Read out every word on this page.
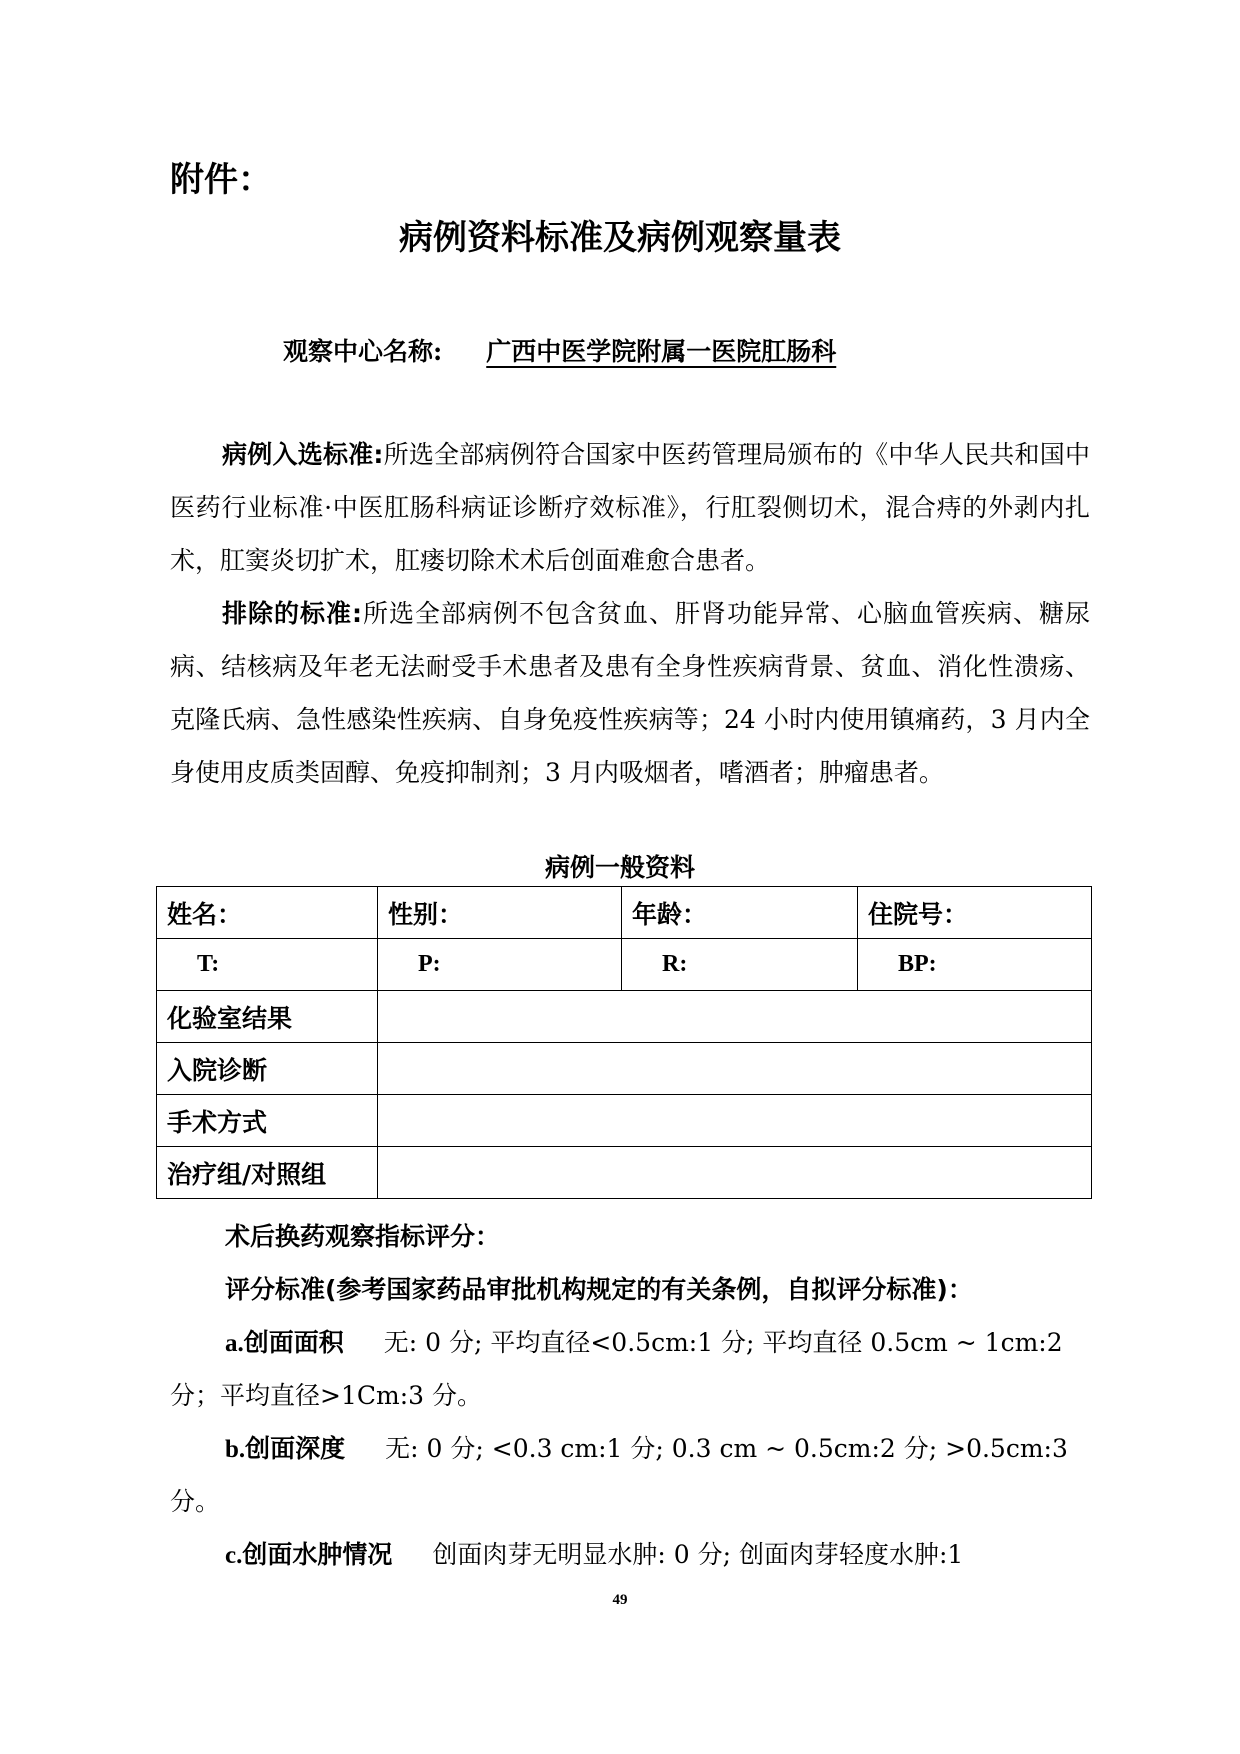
附件：
病例资料标准及病例观察量表
观察中心名称: 广西中医学院附属一医院肛肠科
病例入选标准:所选全部病例符合国家中医药管理局颁布的《中华人民共和国中医药行业标准·中医肛肠科病证诊断疗效标准》，行肛裂侧切术，混合痔的外剥内扎术，肛窦炎切扩术，肛瘘切除术术后创面难愈合患者。
排除的标准:所选全部病例不包含贫血、肝肾功能异常、心脑血管疾病、糖尿病、结核病及年老无法耐受手术患者及患有全身性疾病背景、贫血、消化性溃疡、克隆氏病、急性感染性疾病、自身免疫性疾病等；24 小时内使用镇痛药，3 月内全身使用皮质类固醇、免疫抑制剂；3 月内吸烟者，嗜酒者；肿瘤患者。
病例一般资料
姓名：	性别：	年龄：	住院号：
T:	P:	R:	BP:
化验室结果			
入院诊断			
手术方式			
治疗组/对照组			
术后换药观察指标评分：
评分标准(参考国家药品审批机构规定的有关条例，自拟评分标准)：
a.创面面积 无: 0 分; 平均直径<0.5cm:1 分; 平均直径 0.5cm ~ 1cm:2
分；平均直径>1Cm:3 分。
b.创面深度 无: 0 分; <0.3 cm:1 分; 0.3 cm ~ 0.5cm:2 分; >0.5cm:3
分。
c.创面水肿情况 创面肉芽无明显水肿: 0 分; 创面肉芽轻度水肿:1
49
